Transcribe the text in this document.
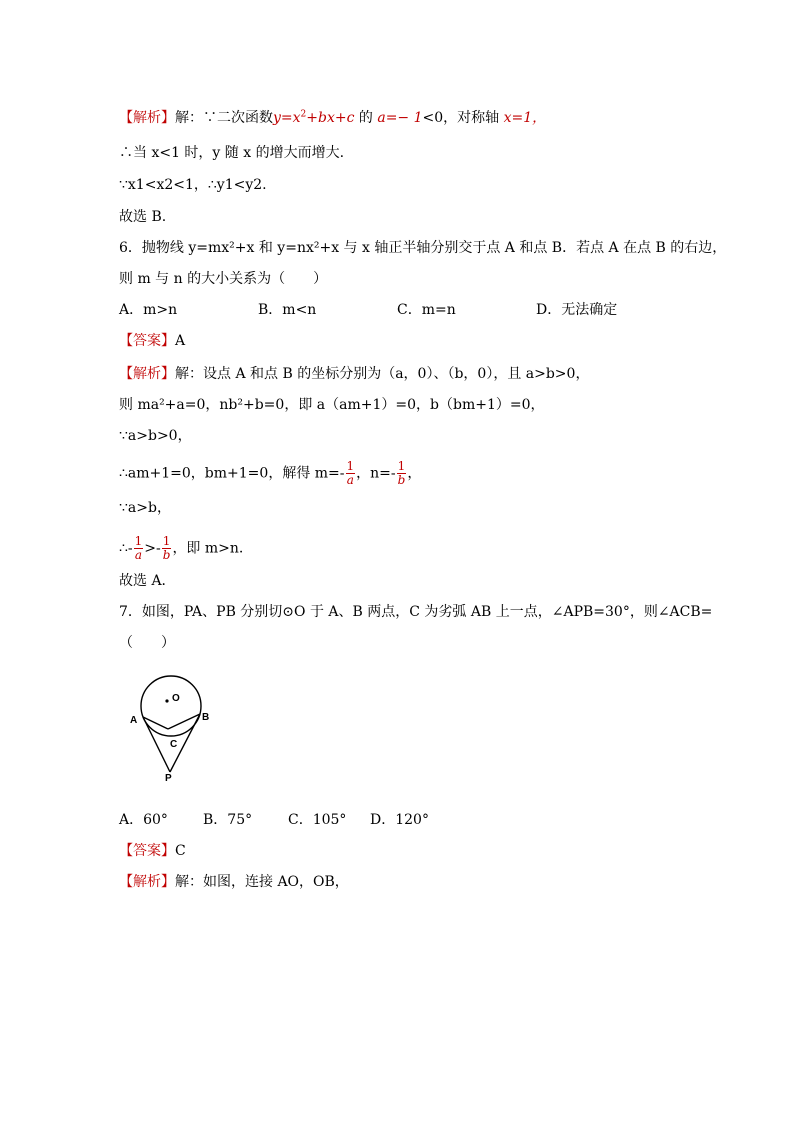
【解析】解：∵二次函数$y=x^2+bx+c$ 的 a=− 1<0，对称轴 x=1，
∴当 x<1 时，y 随 x 的增大而增大.
∵x1<x2<1，∴y1<y2.
故选 B.
6．抛物线 y=mx²+x 和 y=nx²+x 与 x 轴正半轴分别交于点 A 和点 B．若点 A 在点 B 的右边，
则 m 与 n 的大小关系为（　　）
A．m>n	B．m<n	C．m=n	D．无法确定
【答案】A
【解析】解：设点 A 和点 B 的坐标分别为（a，0）、（b，0），且 a>b>0，
则 ma²+a=0，nb²+b=0，即 a（am+1）=0，b（bm+1）=0，
∵a>b>0，
∴am+1=0，bm+1=0，解得 $m=- \frac{1}{a}$ ，$n=- \frac{1}{b}$ ，
∵a>b，
∴- $\frac{1}{a} >- \frac{1}{b}$ ，即 m>n.
故选 A．
7．如图，PA、PB 分别切⊙O 于 A、B 两点，C 为劣弧 AB 上一点，∠APB=30°，则∠ACB=
（　　）
O
A	B
C
P
A．60°	B．75°	C．105° D．120°
【答案】C
【解析】解：如图，连接 AO，OB，
